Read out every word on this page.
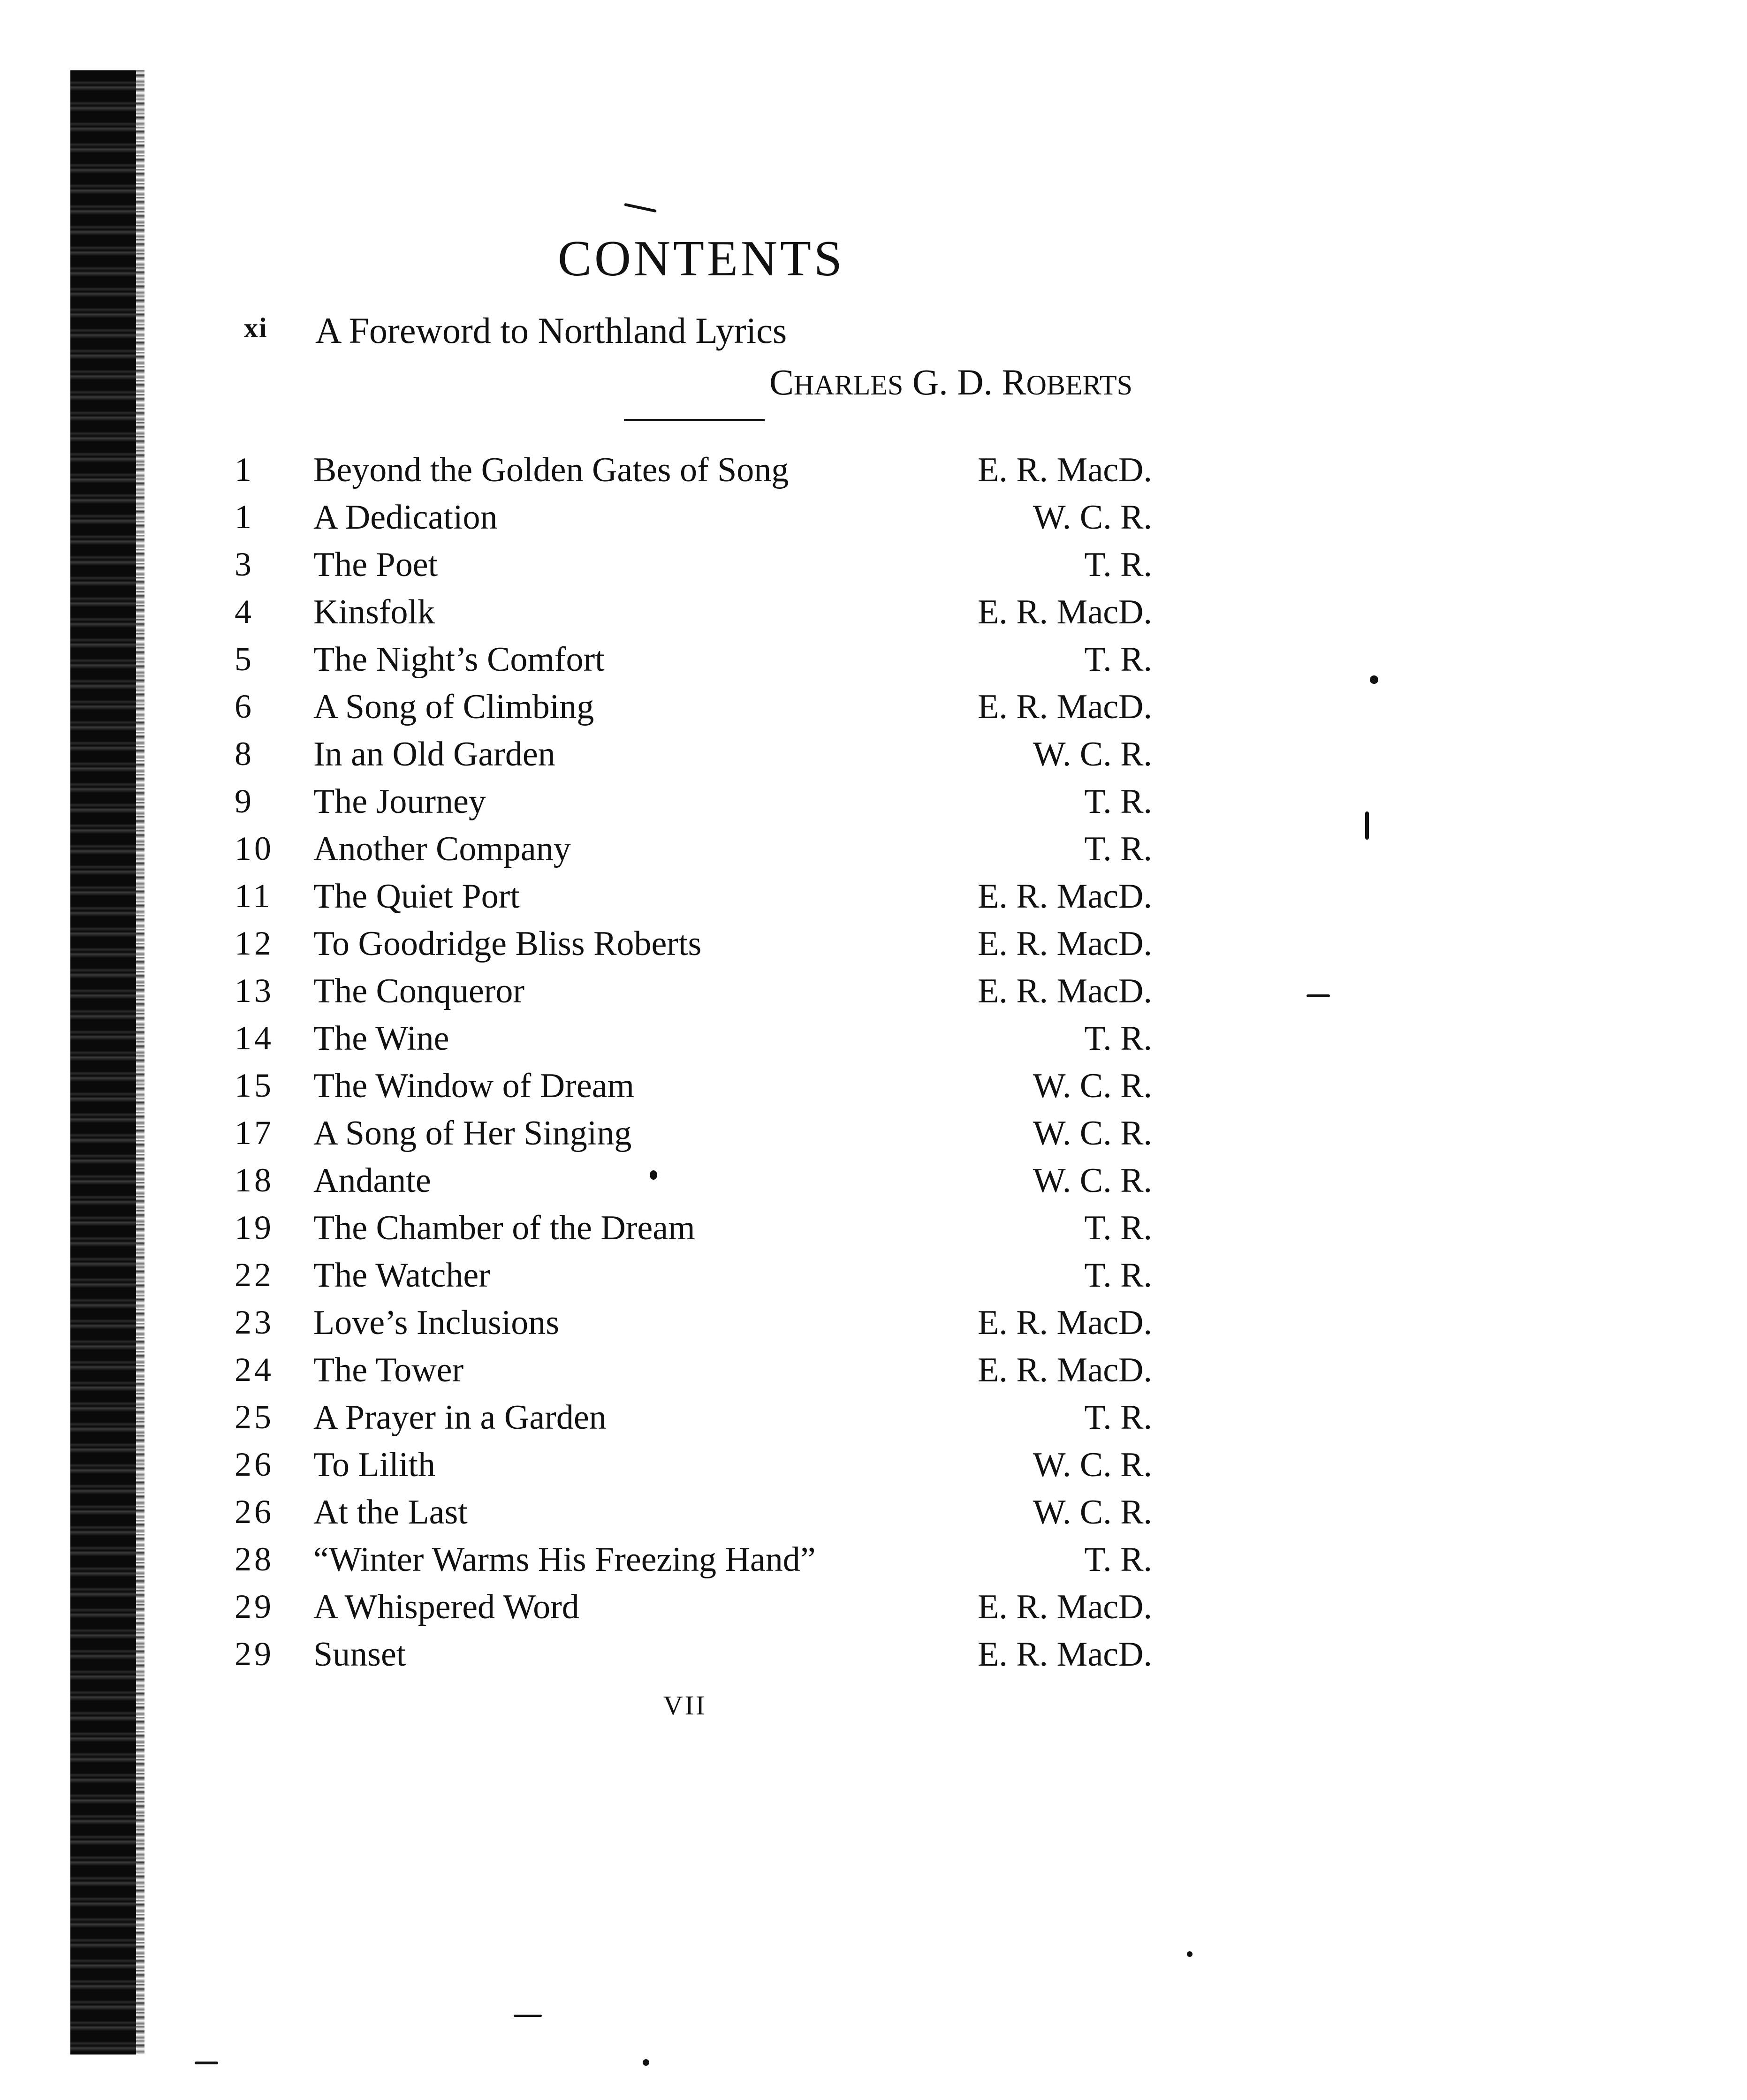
CONTENTS
xi A Foreword to Northland Lyrics
CHARLES G. D. ROBERTS
1	Beyond the Golden Gates of Song	E. R. MacD.
1	A Dedication	W. C. R.
3	The Poet	T. R.
4	Kinsfolk	E. R. MacD.
5	The Night’s Comfort	T. R.
6	A Song of Climbing	E. R. MacD.
8	In an Old Garden	W. C. R.
9	The Journey	T. R.
10	Another Company	T. R.
11	The Quiet Port	E. R. MacD.
12	To Goodridge Bliss Roberts	E. R. MacD.
13	The Conqueror	E. R. MacD.
14	The Wine	T. R.
15	The Window of Dream	W. C. R.
17	A Song of Her Singing	W. C. R.
18	Andante	W. C. R.
19	The Chamber of the Dream	T. R.
22	The Watcher	T. R.
23	Love’s Inclusions	E. R. MacD.
24	The Tower	E. R. MacD.
25	A Prayer in a Garden	T. R.
26	To Lilith	W. C. R.
26	At the Last	W. C. R.
28	“Winter Warms His Freezing Hand”	T. R.
29	A Whispered Word	E. R. MacD.
29	Sunset	E. R. MacD.
VII
